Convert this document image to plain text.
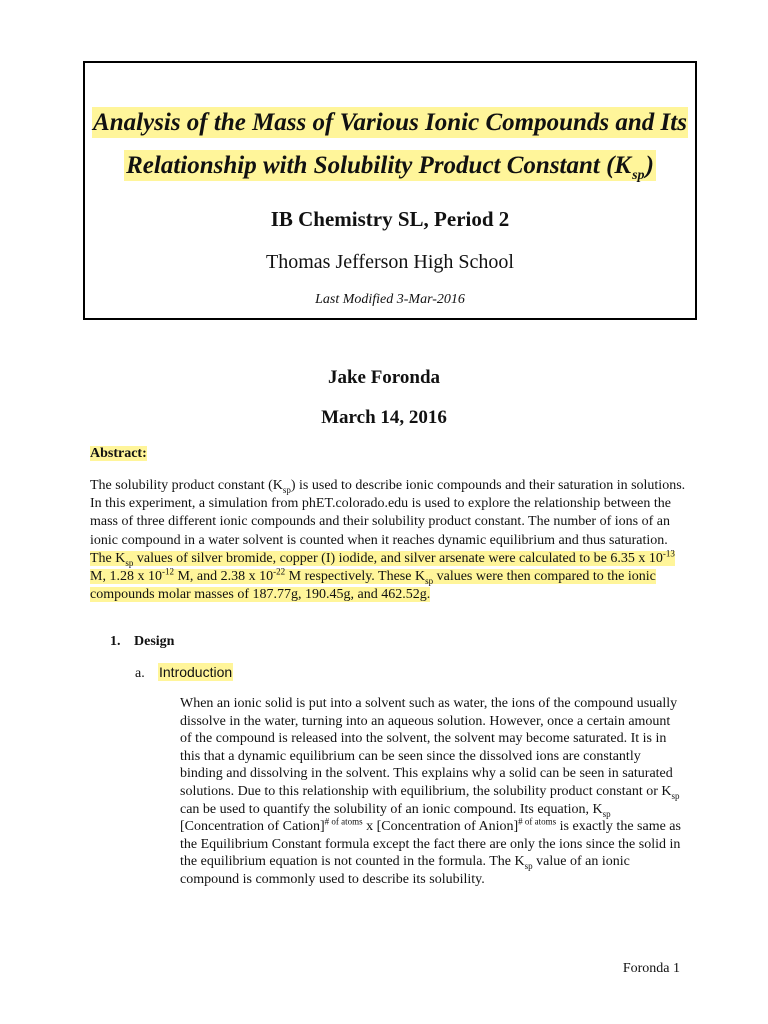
Analysis of the Mass of Various Ionic Compounds and Its
Relationship with Solubility Product Constant $(K_{sp})$
IB Chemistry SL, Period 2
Thomas Jefferson High School
Last Modified 3-Mar-2016
Jake Foronda
March 14, 2016
Abstract:
The solubility product constant $(K_{sp})$ is used to describe ionic compounds and their saturation in solutions. In this experiment, a simulation from phET.colorado.edu is used to explore the relationship between the mass of three different ionic compounds and their solubility product constant. The number of ions of an ionic compound in a water solvent is counted when it reaches dynamic equilibrium and thus saturation. The $K_{sp}$ values of silver bromide, copper (I) iodide, and silver arsenate were calculated to be 6.35 x $10^{-13}$ M, 1.28 x $10^{-12}$ M, and 2.38 x $10^{-22}$ M respectively. These $K_{sp}$ values were then compared to the ionic compounds molar masses of 187.77g, 190.45g, and 462.52g.
1. Design
a. Introduction
When an ionic solid is put into a solvent such as water, the ions of the compound usually dissolve in the water, turning into an aqueous solution. However, once a certain amount of the compound is released into the solvent, the solvent may become saturated. It is in this that a dynamic equilibrium can be seen since the dissolved ions are constantly binding and dissolving in the solvent. This explains why a solid can be seen in saturated solutions. Due to this relationship with equilibrium, the solubility product constant or $K_{sp}$ can be used to quantify the solubility of an ionic compound. Its equation, $K_{sp}$ [Concentration of Cation]$^{\# of atoms}$ x [Concentration of Anion]$^{\# of atoms}$ is exactly the same as the Equilibrium Constant formula except the fact there are only the ions since the solid in the equilibrium equation is not counted in the formula. The $K_{sp}$ value of an ionic compound is commonly used to describe its solubility.
Foronda 1
